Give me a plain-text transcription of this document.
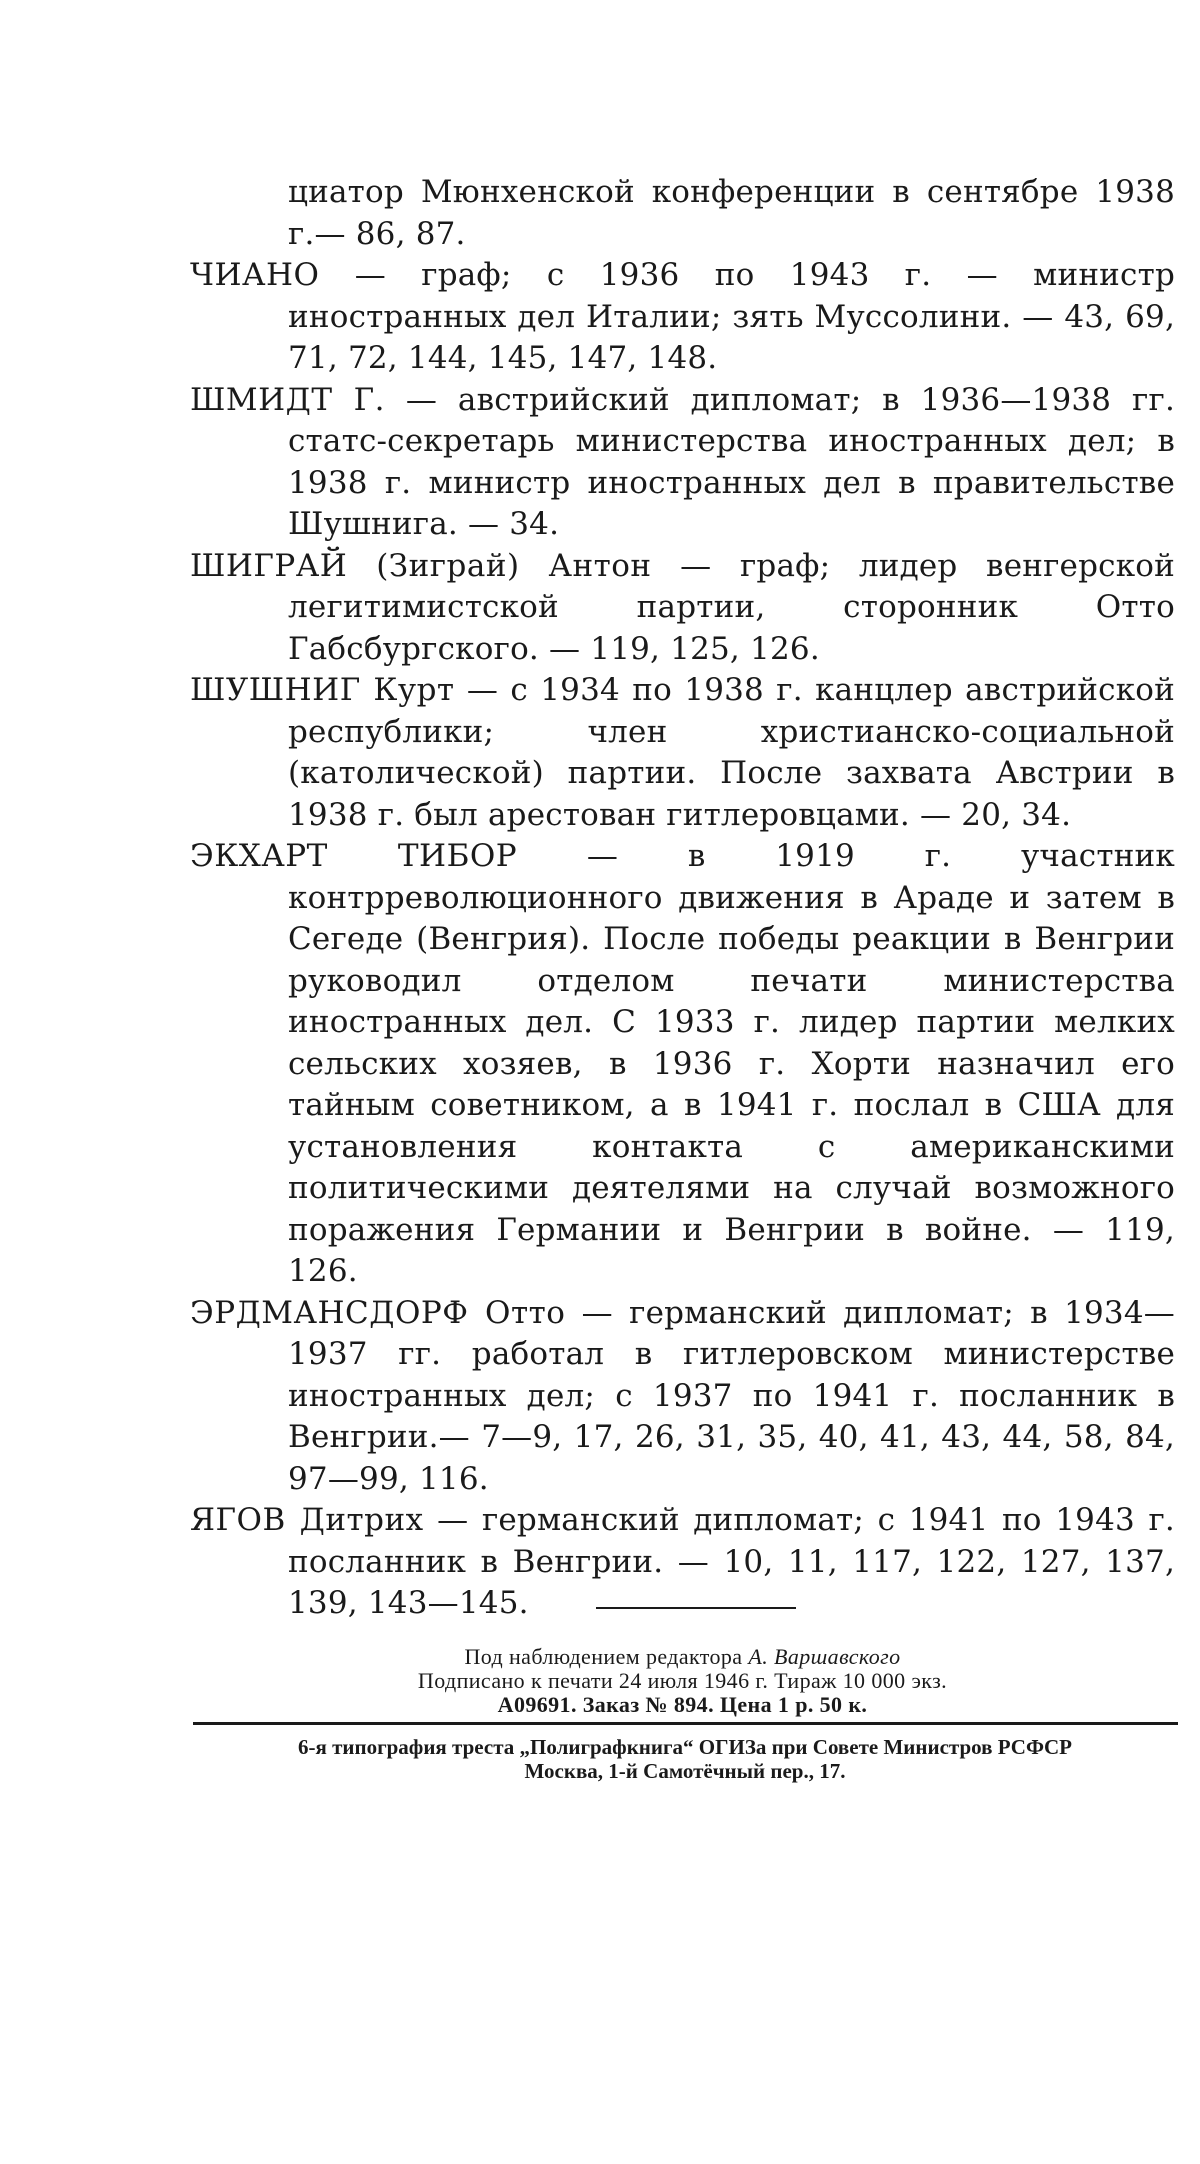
циатор Мюнхенской конференции в сентябре 1938 г.— 86, 87.

ЧИАНО — граф; с 1936 по 1943 г. — министр иностранных дел Италии; зять Муссолини. — 43, 69, 71, 72, 144, 145, 147, 148.

ШМИДТ Г. — австрийский дипломат; в 1936—1938 гг. статс-секретарь министерства иностранных дел; в 1938 г. министр иностранных дел в правительстве Шушнига. — 34.

ШИГРАЙ (Зиграй) Антон — граф; лидер венгерской легитимистской партии, сторонник Отто Габсбургского. — 119, 125, 126.

ШУШНИГ Курт — с 1934 по 1938 г. канцлер австрийской республики; член христианско-социальной (католической) партии. После захвата Австрии в 1938 г. был арестован гитлеровцами. — 20, 34.

ЭКХАРТ ТИБОР — в 1919 г. участник контрреволюционного движения в Араде и затем в Сегеде (Венгрия). После победы реакции в Венгрии руководил отделом печати министерства иностранных дел. С 1933 г. лидер партии мелких сельских хозяев, в 1936 г. Хорти назначил его тайным советником, а в 1941 г. послал в США для установления контакта с американскими политическими деятелями на случай возможного поражения Германии и Венгрии в войне. — 119, 126.

ЭРДМАНСДОРФ Отто — германский дипломат; в 1934—1937 гг. работал в гитлеровском министерстве иностранных дел; с 1937 по 1941 г. посланник в Венгрии.— 7—9, 17, 26, 31, 35, 40, 41, 43, 44, 58, 84, 97—99, 116.

ЯГОВ Дитрих — германский дипломат; с 1941 по 1943 г. посланник в Венгрии. — 10, 11, 117, 122, 127, 137, 139, 143—145.

Под наблюдением редактора А. Варшавского
Подписано к печати 24 июля 1946 г. Тираж 10 000 экз.
А09691. Заказ № 894. Цена 1 р. 50 к.
6-я типография треста „Полиграфкнига“ ОГИЗа при Совете Министров РСФСР
Москва, 1-й Самотёчный пер., 17.
